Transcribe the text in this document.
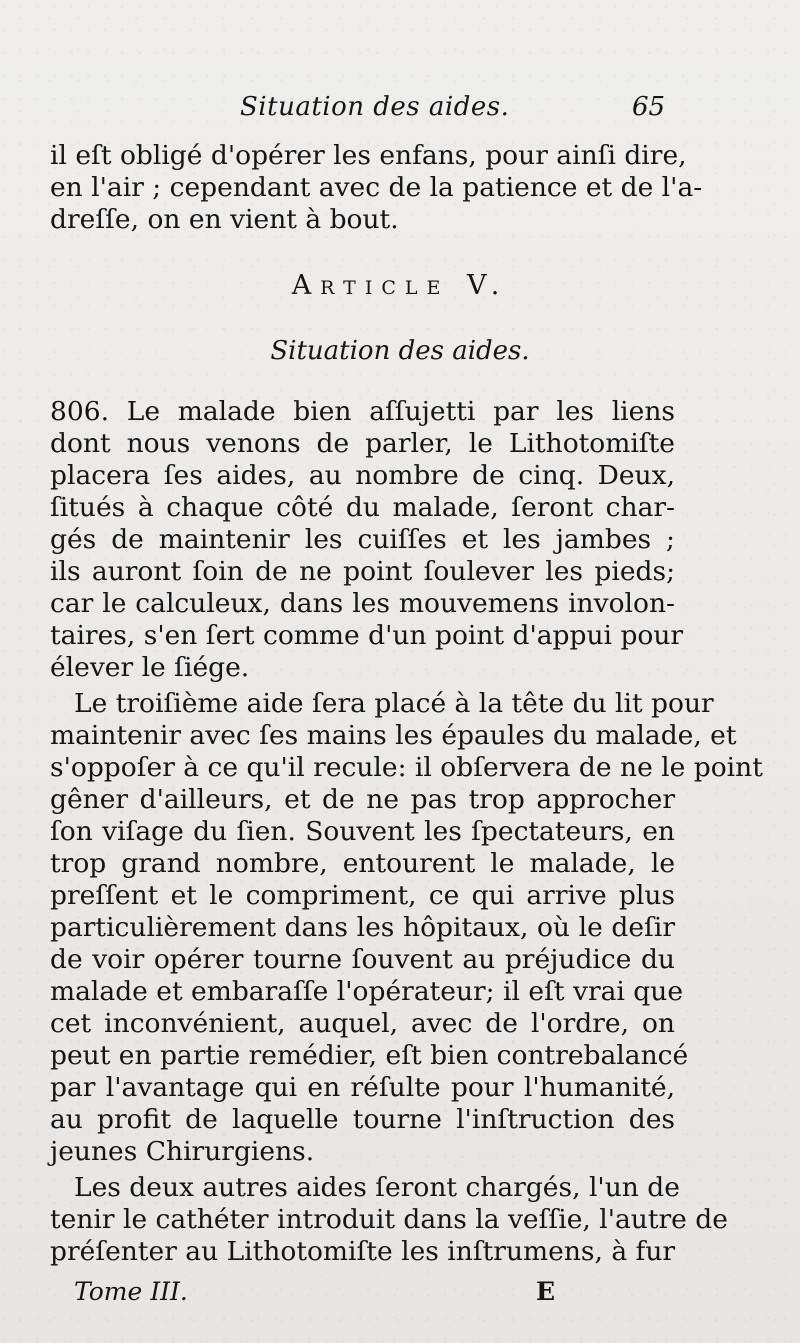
Situation des aides.	65
il eſt obligé d'opérer les enfans, pour ainſi dire,
en l'air ; cependant avec de la patience et de l'a-
dreſſe, on en vient à bout.
Article V.
Situation des aides.
806. Le malade bien aſſujetti par les liens
dont nous venons de parler, le Lithotomiſte
placera ſes aides, au nombre de cinq. Deux,
ſitués à chaque côté du malade, ſeront char-
gés de maintenir les cuiſſes et les jambes ;
ils auront ſoin de ne point ſoulever les pieds;
car le calculeux, dans les mouvemens involon-
taires, s'en ſert comme d'un point d'appui pour
élever le ſiége.
Le troiſième aide ſera placé à la tête du lit pour
maintenir avec ſes mains les épaules du malade, et
s'oppoſer à ce qu'il recule: il obſervera de ne le point
gêner d'ailleurs, et de ne pas trop approcher
ſon viſage du ſien. Souvent les ſpectateurs, en
trop grand nombre, entourent le malade, le
preſſent et le compriment, ce qui arrive plus
particulièrement dans les hôpitaux, où le deſir
de voir opérer tourne ſouvent au préjudice du
malade et embaraſſe l'opérateur; il eſt vrai que
cet inconvénient, auquel, avec de l'ordre, on
peut en partie remédier, eſt bien contrebalancé
par l'avantage qui en réſulte pour l'humanité,
au profit de laquelle tourne l'inſtruction des
jeunes Chirurgiens.
Les deux autres aides ſeront chargés, l'un de
tenir le cathéter introduit dans la veſſie, l'autre de
préſenter au Lithotomiſte les inſtrumens, à fur
Tome III.	E
